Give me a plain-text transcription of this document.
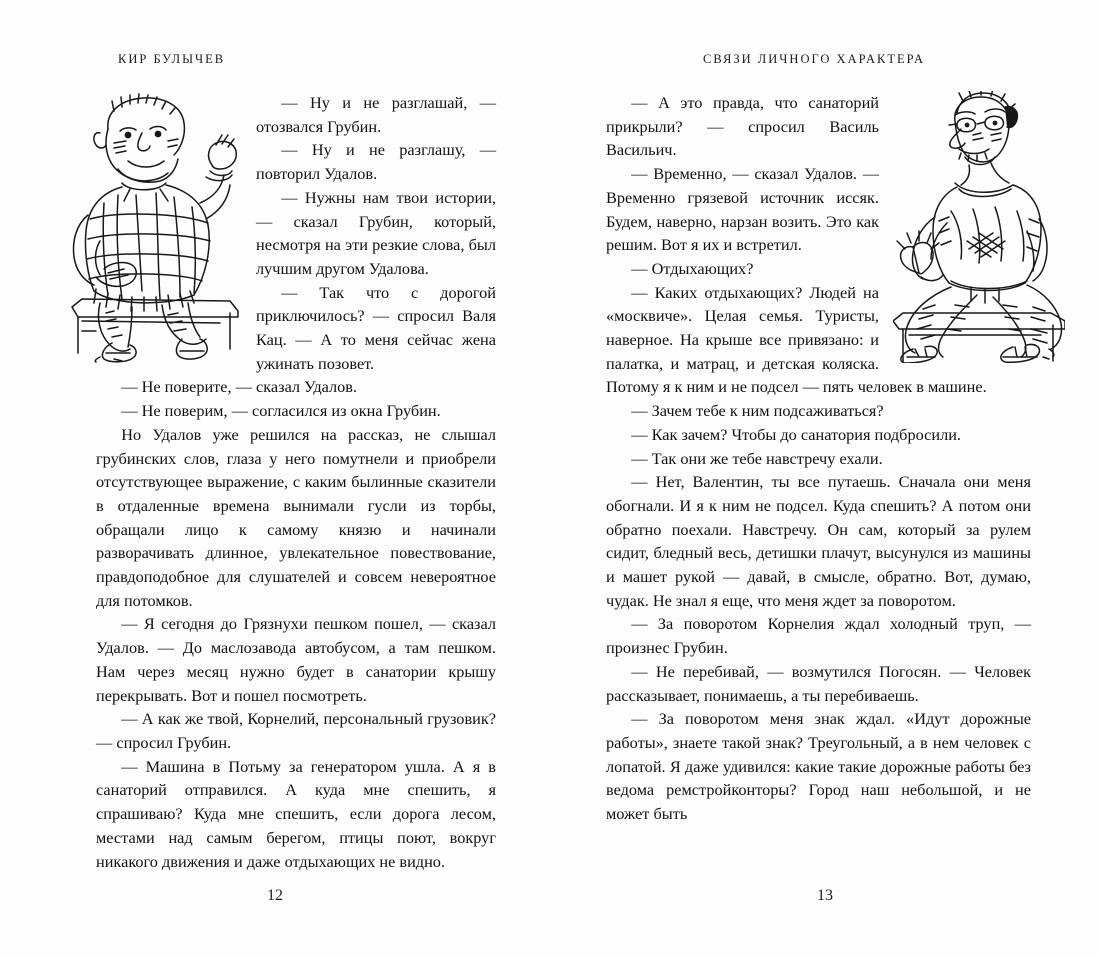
КИР БУЛЫЧЕВ

— Ну и не разглашай, — отозвался Грубин.

— Ну и не разглашу, — повторил Удалов.

— Нужны нам твои истории, — сказал Грубин, который, несмотря на эти резкие слова, был лучшим другом Удалова.

— Так что с дорогой приключилось? — спросил Валя Кац. — А то меня сейчас жена ужинать позовет.

— Не поверите, — сказал Удалов.

— Не поверим, — согласился из окна Грубин.

Но Удалов уже решился на рассказ, не слышал грубинских слов, глаза у него помутнели и приобрели отсутствующее выражение, с каким былинные сказители в отдаленные времена вынимали гусли из торбы, обращали лицо к самому князю и начинали разворачивать длинное, увлекательное повествование, правдоподобное для слушателей и совсем невероятное для потомков.

— Я сегодня до Грязнухи пешком пошел, — сказал Удалов. — До маслозавода автобусом, а там пешком. Нам через месяц нужно будет в санатории крышу перекрывать. Вот и пошел посмотреть.

— А как же твой, Корнелий, персональный грузовик? — спросил Грубин.

— Машина в Потьму за генератором ушла. А я в санаторий отправился. А куда мне спешить, я спрашиваю? Куда мне спешить, если дорога лесом, местами над самым берегом, птицы поют, вокруг никакого движения и даже отдыхающих не видно.

12
СВЯЗИ ЛИЧНОГО ХАРАКТЕРА

— А это правда, что санаторий прикрыли? — спросил Василь Васильич.

— Временно, — сказал Удалов. — Временно грязевой источник иссяк. Будем, наверно, нарзан возить. Это как решим. Вот я их и встретил.

— Отдыхающих?

— Каких отдыхающих? Людей на «москвиче». Целая семья. Туристы, наверное. На крыше все привязано: и палатка, и матрац, и детская коляска. Потому я к ним и не подсел — пять человек в машине.

— Зачем тебе к ним подсаживаться?

— Как зачем? Чтобы до санатория подбросили.

— Так они же тебе навстречу ехали.

— Нет, Валентин, ты все путаешь. Сначала они меня обогнали. И я к ним не подсел. Куда спешить? А потом они обратно поехали. Навстречу. Он сам, который за рулем сидит, бледный весь, детишки плачут, высунулся из машины и машет рукой — давай, в смысле, обратно. Вот, думаю, чудак. Не знал я еще, что меня ждет за поворотом.

— За поворотом Корнелия ждал холодный труп, — произнес Грубин.

— Не перебивай, — возмутился Погосян. — Человек рассказывает, понимаешь, а ты перебиваешь.

— За поворотом меня знак ждал. «Идут дорожные работы», знаете такой знак? Треугольный, а в нем человек с лопатой. Я даже удивился: какие такие дорожные работы без ведома ремстройконторы? Город наш небольшой, и не может быть

13
